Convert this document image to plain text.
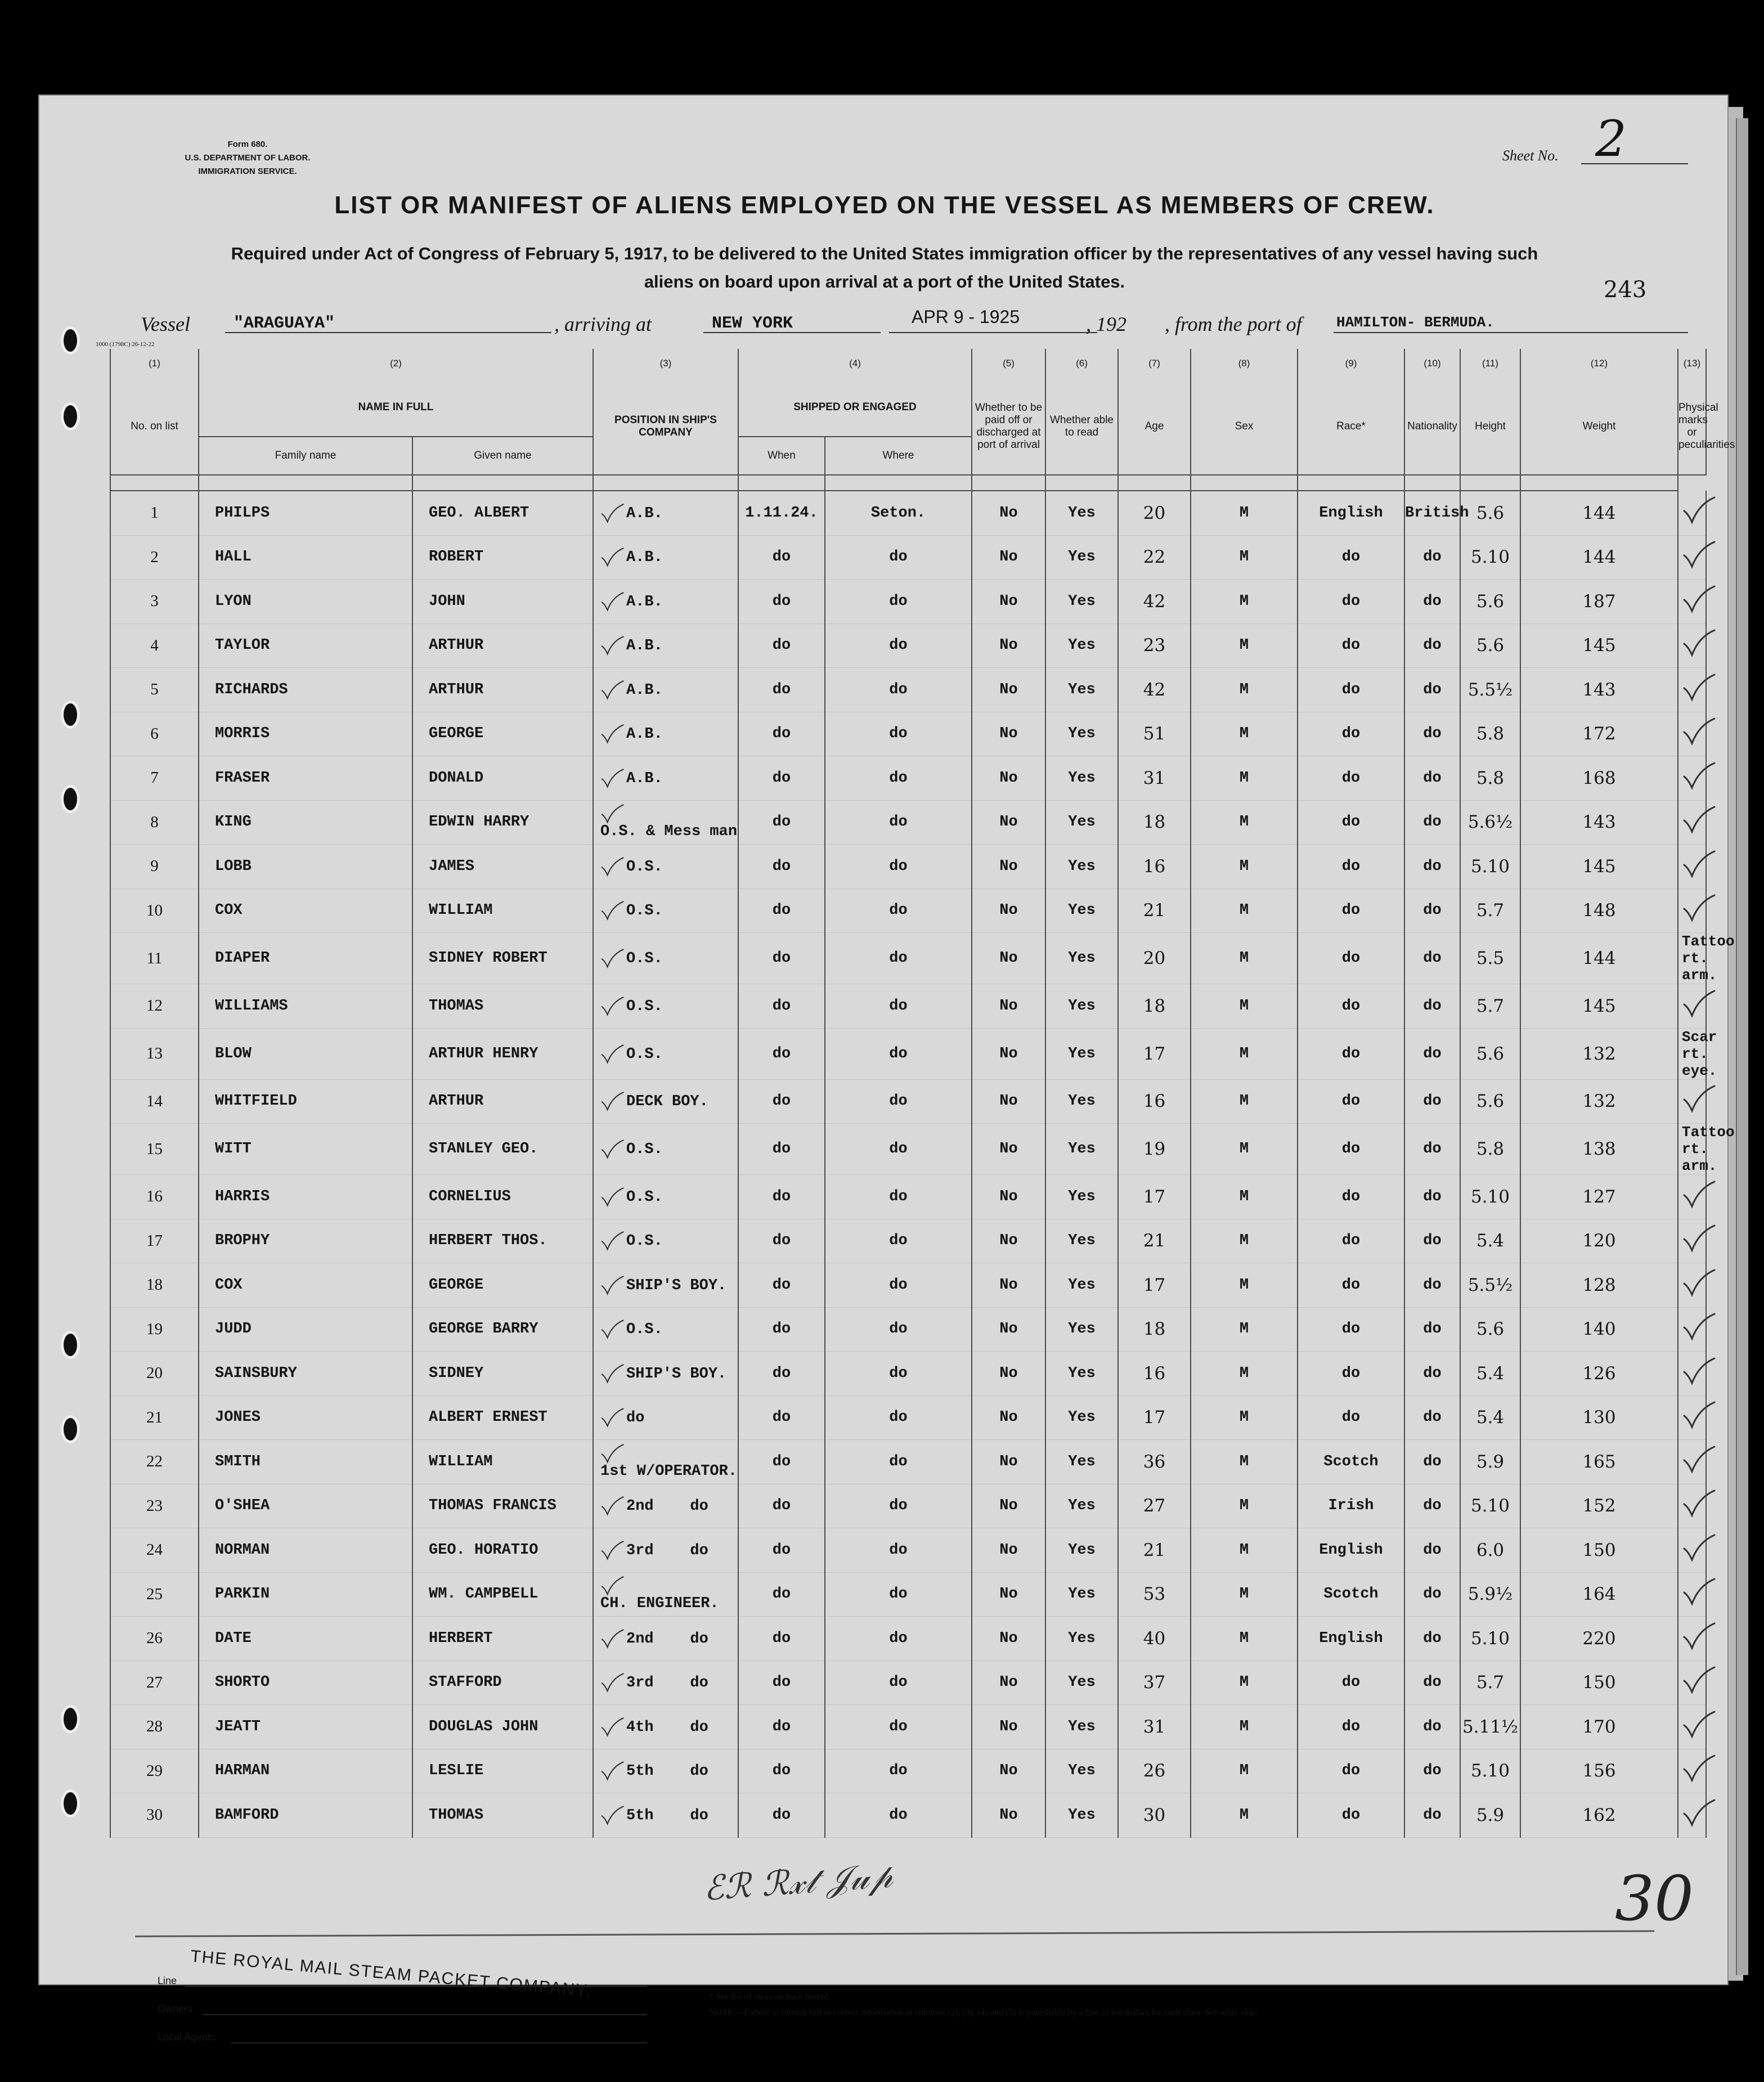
Form 680.
U.S. DEPARTMENT OF LABOR.
IMMIGRATION SERVICE.
Sheet No. 2
LIST OR MANIFEST OF ALIENS EMPLOYED ON THE VESSEL AS MEMBERS OF CREW.
Required under Act of Congress of February 5, 1917, to be delivered to the United States immigration officer by the representatives of any vessel having such
aliens on board upon arrival at a port of the United States.	243
Vessel	"ARAGUAYA"	, arriving at	NEW YORK	APR 9 - 1925	, 192 , from the port of HAMILTON- BERMUDA.
1000 (1798C) 26-12-22
(1)	(2)		(3)	(4)		(5)	(6)	(7)	(8)	(9)	(10)	(11)	(12)	(13)
No. on list	NAME IN FULL		POSITION IN SHIP'S COMPANY	SHIPPED OR ENGAGED		Whether to be paid off or discharged at port of arrival	Whether able to read	Age	Sex	Race*	Nationality	Height	Weight	Physical marks or peculiarities
	Family name	Given name		When	Where									

1	PHILPS	GEO. ALBERT	A.B.	1.11.24.	Seton.	No	Yes	20	M	English	British	5.6	144	
2	HALL	ROBERT	A.B.	do	do	No	Yes	22	M	do	do	5.10	144	
3	LYON	JOHN	A.B.	do	do	No	Yes	42	M	do	do	5.6	187	
4	TAYLOR	ARTHUR	A.B.	do	do	No	Yes	23	M	do	do	5.6	145	
5	RICHARDS	ARTHUR	A.B.	do	do	No	Yes	42	M	do	do	5.5½	143	
6	MORRIS	GEORGE	A.B.	do	do	No	Yes	51	M	do	do	5.8	172	
7	FRASER	DONALD	A.B.	do	do	No	Yes	31	M	do	do	5.8	168	
8	KING	EDWIN HARRY	O.S. & Mess man	do	do	No	Yes	18	M	do	do	5.6½	143	
9	LOBB	JAMES	O.S.	do	do	No	Yes	16	M	do	do	5.10	145	
10	COX	WILLIAM	O.S.	do	do	No	Yes	21	M	do	do	5.7	148	
11	DIAPER	SIDNEY ROBERT	O.S.	do	do	No	Yes	20	M	do	do	5.5	144	Tattoo rt. arm.
12	WILLIAMS	THOMAS	O.S.	do	do	No	Yes	18	M	do	do	5.7	145	
13	BLOW	ARTHUR HENRY	O.S.	do	do	No	Yes	17	M	do	do	5.6	132	Scar rt. eye.
14	WHITFIELD	ARTHUR	DECK BOY.	do	do	No	Yes	16	M	do	do	5.6	132	
15	WITT	STANLEY GEO.	O.S.	do	do	No	Yes	19	M	do	do	5.8	138	Tattoo rt. arm.
16	HARRIS	CORNELIUS	O.S.	do	do	No	Yes	17	M	do	do	5.10	127	
17	BROPHY	HERBERT THOS.	O.S.	do	do	No	Yes	21	M	do	do	5.4	120	
18	COX	GEORGE	SHIP'S BOY.	do	do	No	Yes	17	M	do	do	5.5½	128	
19	JUDD	GEORGE BARRY	O.S.	do	do	No	Yes	18	M	do	do	5.6	140	
20	SAINSBURY	SIDNEY	SHIP'S BOY.	do	do	No	Yes	16	M	do	do	5.4	126	
21	JONES	ALBERT ERNEST	do	do	do	No	Yes	17	M	do	do	5.4	130	
22	SMITH	WILLIAM	1st W/OPERATOR.	do	do	No	Yes	36	M	Scotch	do	5.9	165	
23	O'SHEA	THOMAS FRANCIS	2nd    do	do	do	No	Yes	27	M	Irish	do	5.10	152	
24	NORMAN	GEO. HORATIO	3rd    do	do	do	No	Yes	21	M	English	do	6.0	150	
25	PARKIN	WM. CAMPBELL	CH. ENGINEER.	do	do	No	Yes	53	M	Scotch	do	5.9½	164	
26	DATE	HERBERT	2nd    do	do	do	No	Yes	40	M	English	do	5.10	220	
27	SHORTO	STAFFORD	3rd    do	do	do	No	Yes	37	M	do	do	5.7	150	
28	JEATT	DOUGLAS JOHN	4th    do	do	do	No	Yes	31	M	do	do	5.11½	170	
29	HARMAN	LESLIE	5th    do	do	do	No	Yes	26	M	do	do	5.10	156	
30	BAMFORD	THOMAS	5th    do	do	do	No	Yes	30	M	do	do	5.9	162	
ℰℛ ℛ𝓍𝓉 𝒥𝓊𝓅	30
Line
Owners
Local Agents
THE ROYAL MAIL STEAM PACKET COMPANY,	* See list of races on back hereof.
NOTE.—Failure to furnish full or correct information in columns (2), (3), (4) and (5) is punishable by a fine of ten dollars for each alien. See other side.
